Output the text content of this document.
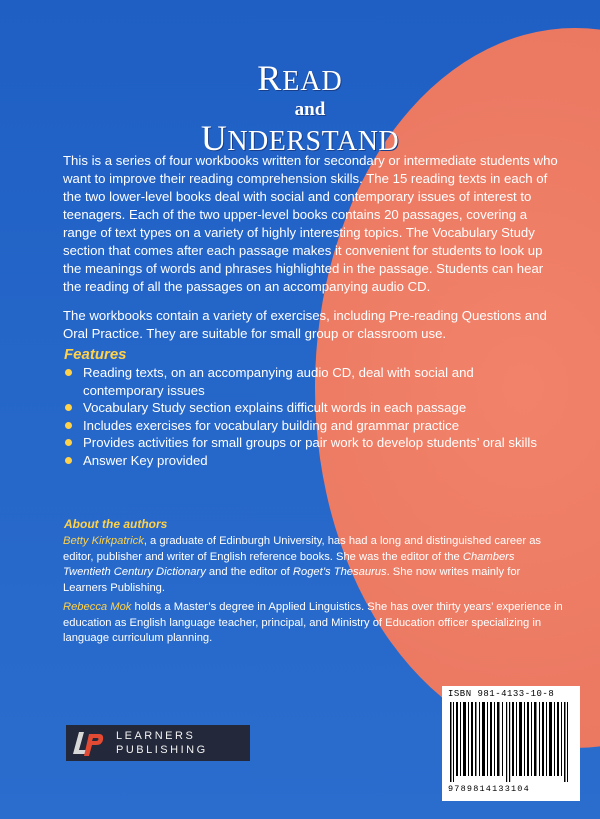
READ
and
UNDERSTAND

This is a series of four workbooks written for secondary or intermediate students who want to improve their reading comprehension skills. The 15 reading texts in each of the two lower-level books deal with social and contemporary issues of interest to teenagers. Each of the two upper-level books contains 20 passages, covering a range of text types on a variety of highly interesting topics. The Vocabulary Study section that comes after each passage makes it convenient for students to look up the meanings of words and phrases highlighted in the passage. Students can hear the reading of all the passages on an accompanying audio CD.

The workbooks contain a variety of exercises, including Pre-reading Questions and Oral Practice. They are suitable for small group or classroom use.

Features
Reading texts, on an accompanying audio CD, deal with social and contemporary issues
Vocabulary Study section explains difficult words in each passage
Includes exercises for vocabulary building and grammar practice
Provides activities for small groups or pair work to develop students’ oral skills
Answer Key provided
About the authors
Betty Kirkpatrick, a graduate of Edinburgh University, has had a long and distinguished career as editor, publisher and writer of English reference books. She was the editor of the Chambers Twentieth Century Dictionary and the editor of Roget’s Thesaurus. She now writes mainly for Learners Publishing.
Rebecca Mok holds a Master’s degree in Applied Linguistics. She has over thirty years’ experience in education as English language teacher, principal, and Ministry of Education officer specializing in language curriculum planning.
LEARNERS
PUBLISHING
ISBN 981-4133-10-8
9789814133104
